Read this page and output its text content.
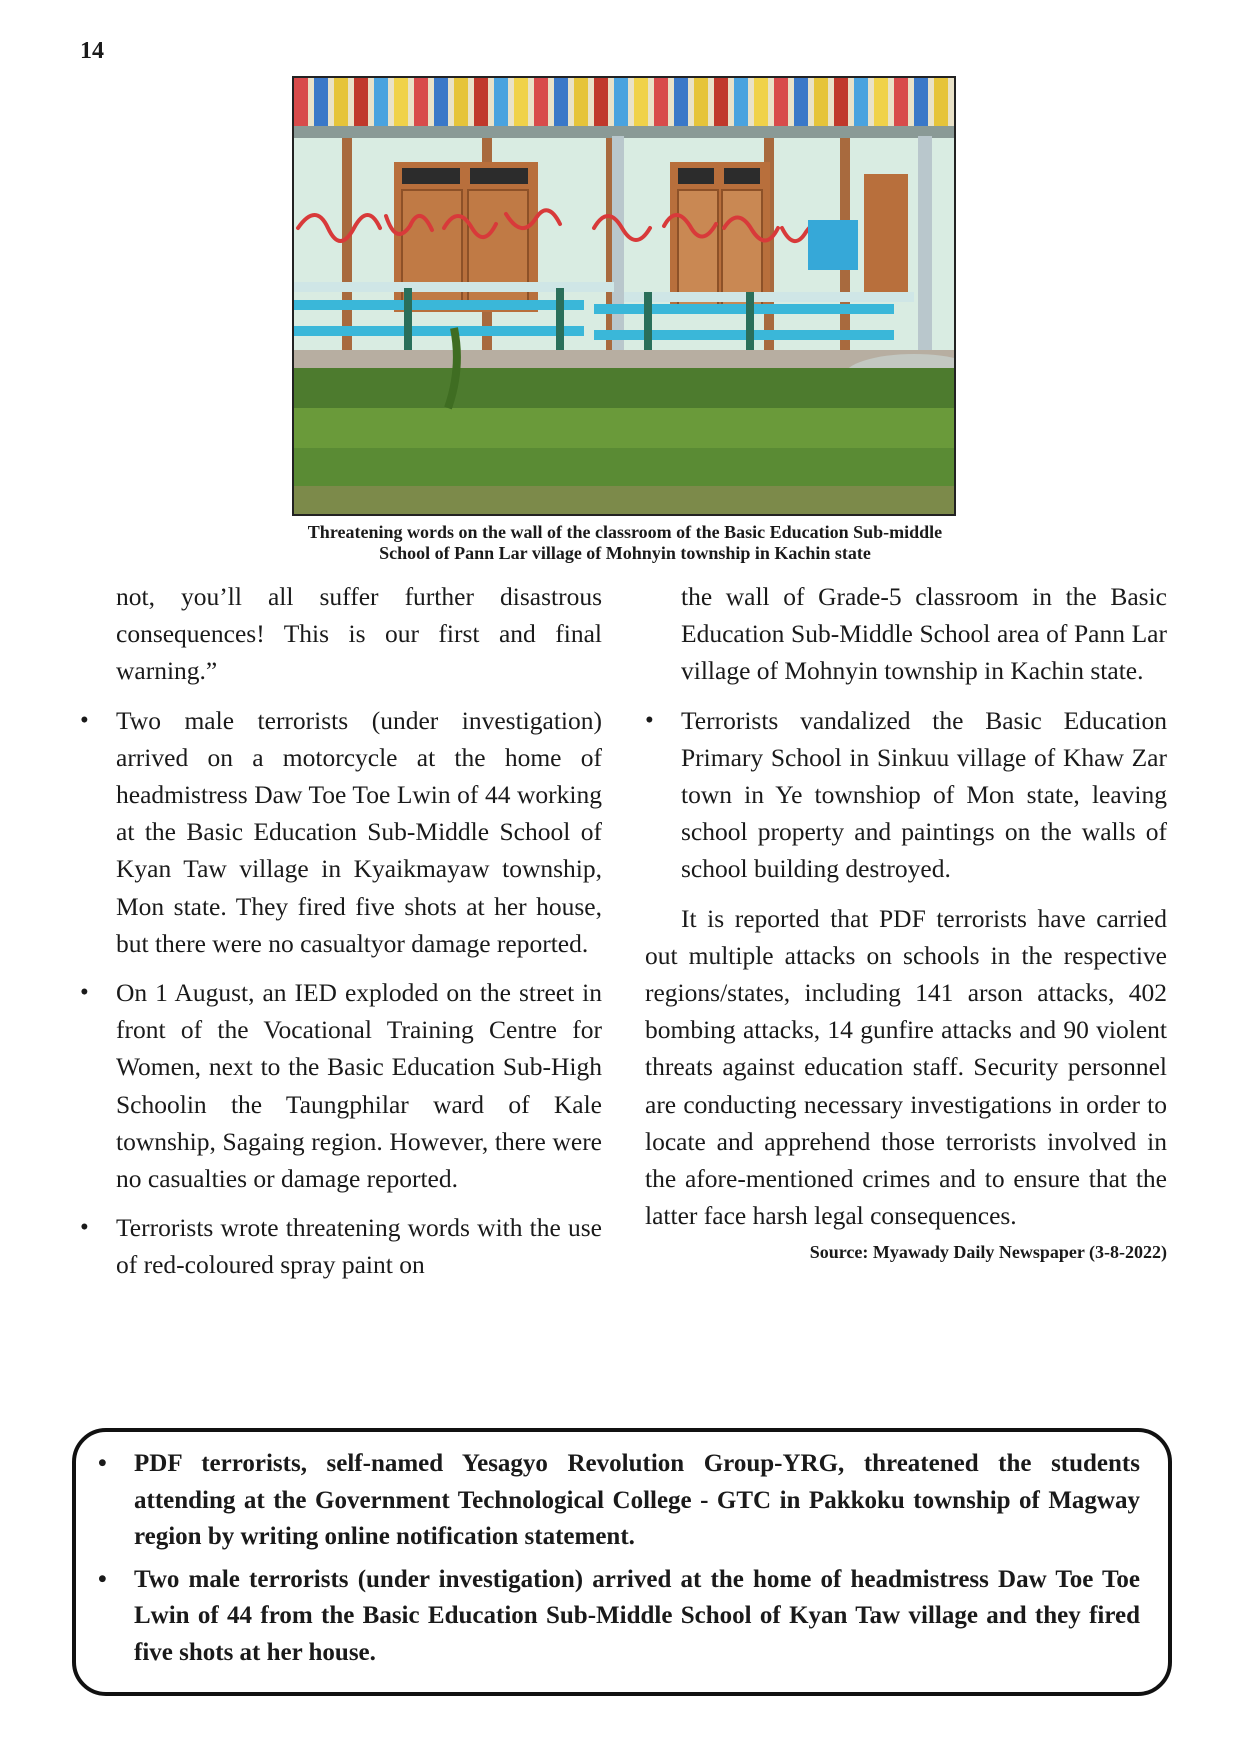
14
Threatening words on the wall of the classroom of the Basic Education Sub-middle
School of Pann Lar village of Mohnyin township in Kachin state

not, you’ll all suffer further disastrous consequences! This is our first and final warning.”

• Two male terrorists (under investigation) arrived on a motorcycle at the home of headmistress Daw Toe Toe Lwin of 44 working at the Basic Education Sub-Middle School of Kyan Taw village in Kyaikmayaw township, Mon state. They fired five shots at her house, but there were no casualtyor damage reported.

• On 1 August, an IED exploded on the street in front of the Vocational Training Centre for Women, next to the Basic Education Sub-High Schoolin the Taungphilar ward of Kale township, Sagaing region. However, there were no casualties or damage reported.

• Terrorists wrote threatening words with the use of red-coloured spray paint on

the wall of Grade-5 classroom in the Basic Education Sub-Middle School area of Pann Lar village of Mohnyin township in Kachin state.

• Terrorists vandalized the Basic Education Primary School in Sinkuu village of Khaw Zar town in Ye townshiop of Mon state, leaving school property and paintings on the walls of school building destroyed.

It is reported that PDF terrorists have carried out multiple attacks on schools in the respective regions/states, including 141 arson attacks, 402 bombing attacks, 14 gunfire attacks and 90 violent threats against education staff. Security personnel are conducting necessary investigations in order to locate and apprehend those terrorists involved in the afore-mentioned crimes and to ensure that the latter face harsh legal consequences.

Source: Myawady Daily Newspaper (3-8-2022)
• PDF terrorists, self-named Yesagyo Revolution Group-YRG, threatened the students attending at the Government Technological College - GTC in Pakkoku township of Magway region by writing online notification statement.
• Two male terrorists (under investigation) arrived at the home of headmistress Daw Toe Toe Lwin of 44 from the Basic Education Sub-Middle School of Kyan Taw village and they fired five shots at her house.
